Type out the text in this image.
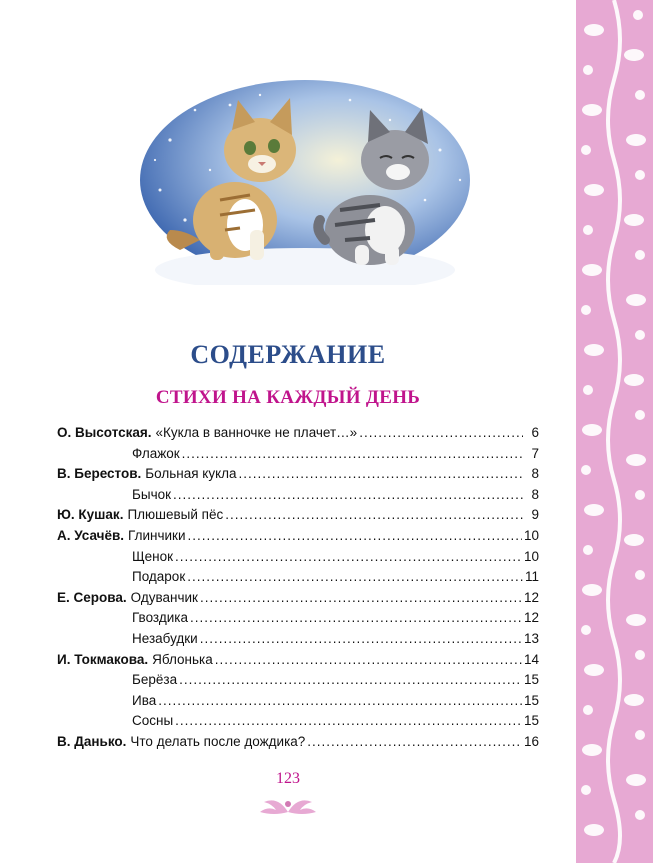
СОДЕРЖАНИЕ
СТИХИ НА КАЖДЫЙ ДЕНЬ
О. Высотская. «Кукла в ванночке не плачет…» .....	6
Флажок .....	7
В. Берестов. Больная кукла .....	8
Бычок .....	8
Ю. Кушак. Плюшевый пёс .....	9
А. Усачёв. Глинчики .....	10
Щенок .....	10
Подарок .....	11
Е. Серова. Одуванчик .....	12
Гвоздика .....	12
Незабудки .....	13
И. Токмакова. Яблонька .....	14
Берёза .....	15
Ива .....	15
Сосны .....	15
В. Данько. Что делать после дождика? .....	16
123
